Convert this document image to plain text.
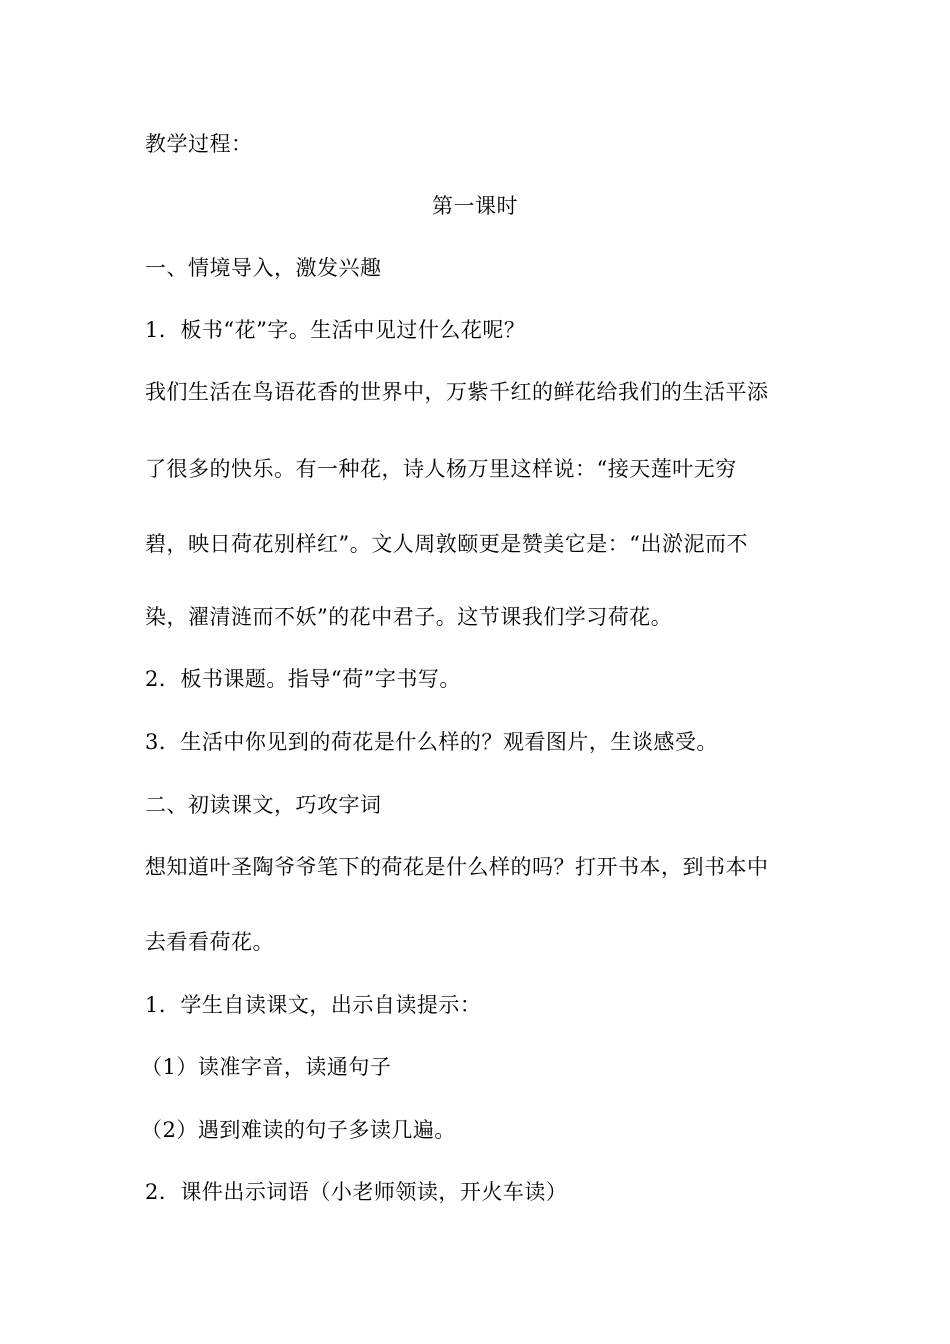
教学过程：
第一课时
一、情境导入，激发兴趣
1．板书“花”字。生活中见过什么花呢？
我们生活在鸟语花香的世界中，万紫千红的鲜花给我们的生活平添
了很多的快乐。有一种花，诗人杨万里这样说：“接天莲叶无穷
碧，映日荷花别样红”。文人周敦颐更是赞美它是：“出淤泥而不
染，濯清涟而不妖”的花中君子。这节课我们学习荷花。
2．板书课题。指导“荷”字书写。
3．生活中你见到的荷花是什么样的？观看图片，生谈感受。
二、初读课文，巧攻字词
想知道叶圣陶爷爷笔下的荷花是什么样的吗？打开书本，到书本中
去看看荷花。
1．学生自读课文，出示自读提示：
（1）读准字音，读通句子
（2）遇到难读的句子多读几遍。
2．课件出示词语（小老师领读，开火车读）
